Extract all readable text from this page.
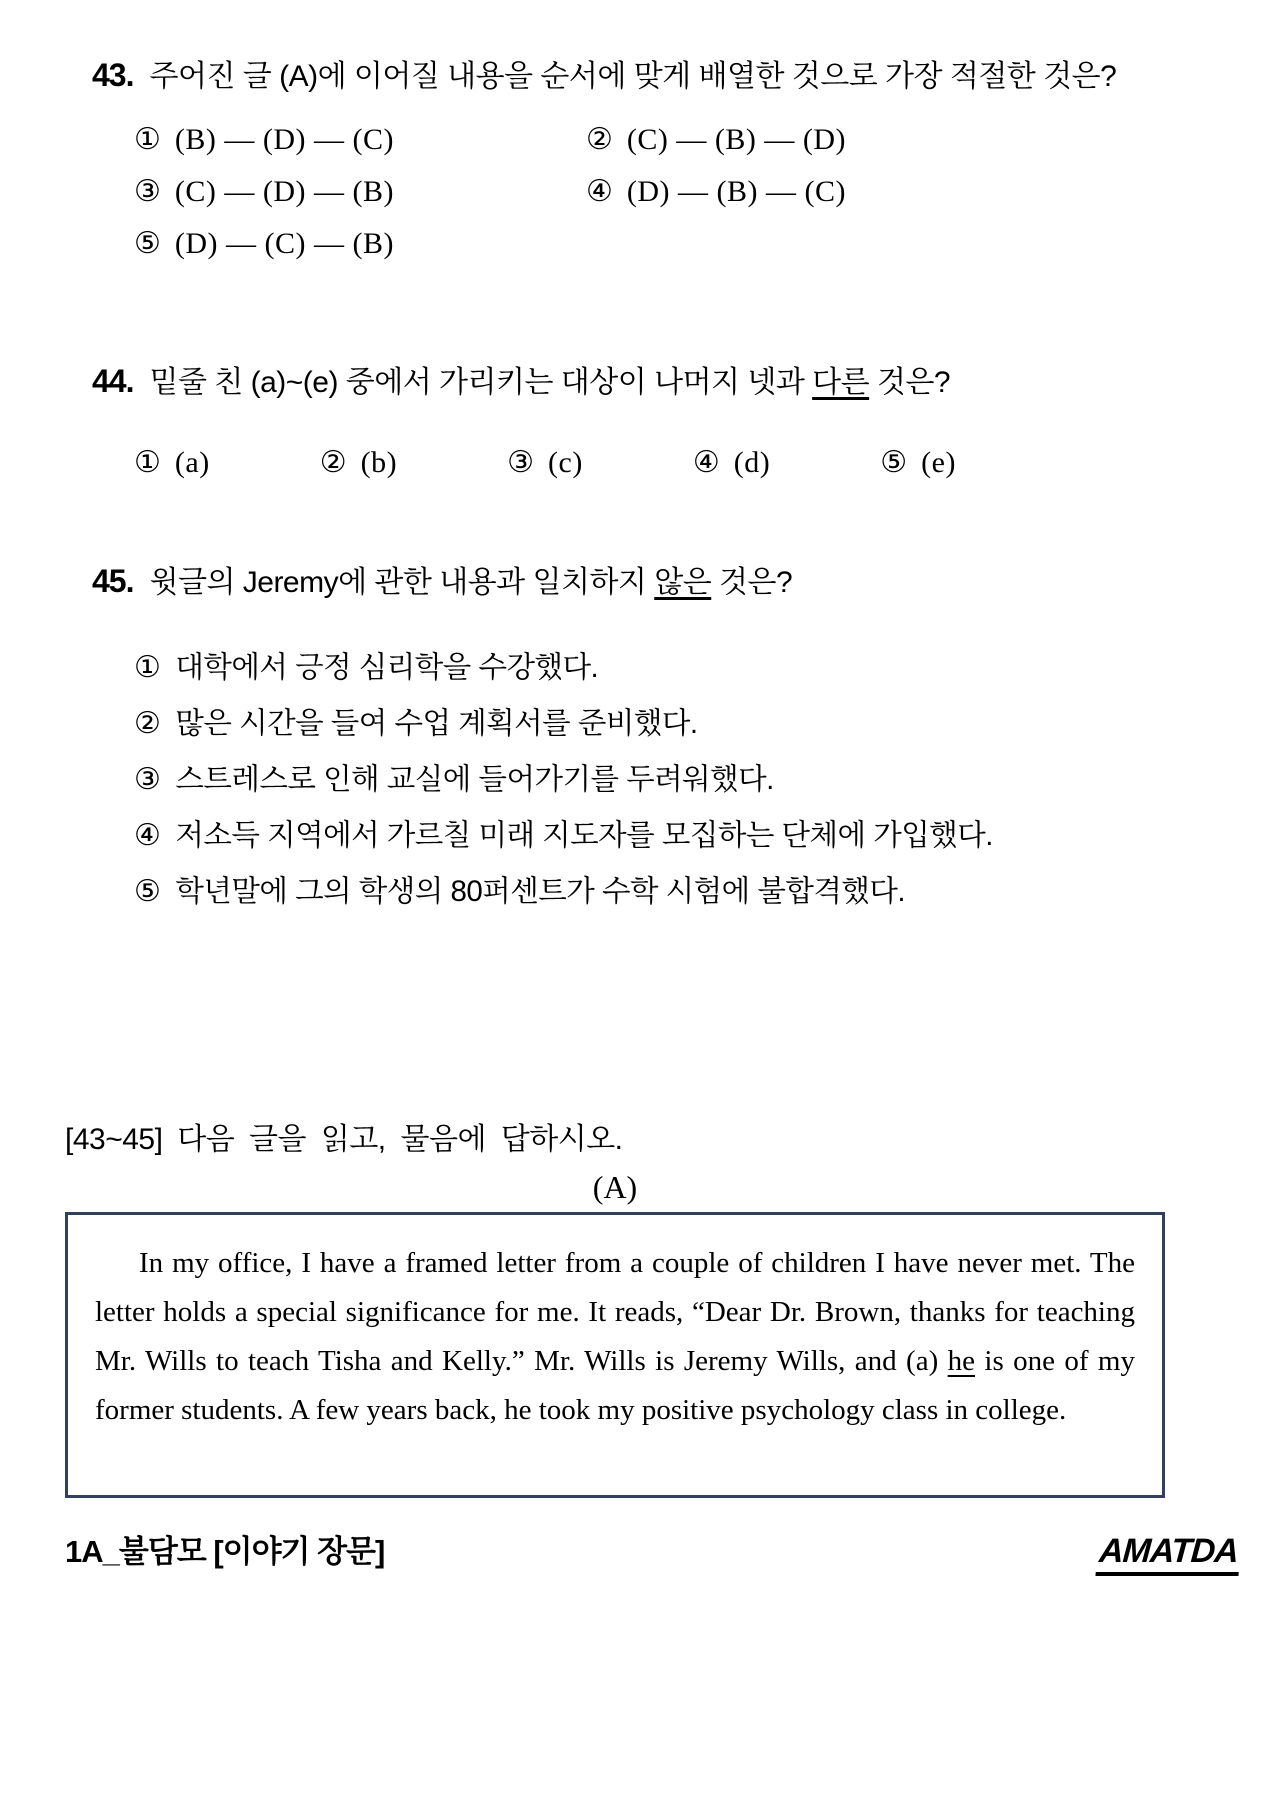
43. 주어진 글 (A)에 이어질 내용을 순서에 맞게 배열한 것으로 가장 적절한 것은?

① (B) — (D) — (C)	② (C) — (B) — (D)
③ (C) — (D) — (B)	④ (D) — (B) — (C)
⑤ (D) — (C) — (B)

44. 밑줄 친 (a)~(e) 중에서 가리키는 대상이 나머지 넷과 다른 것은?

① (a)	② (b)	③ (c)	④ (d)	⑤ (e)

45. 윗글의 Jeremy에 관한 내용과 일치하지 않은 것은?

① 대학에서 긍정 심리학을 수강했다.
② 많은 시간을 들여 수업 계획서를 준비했다.
③ 스트레스로 인해 교실에 들어가기를 두려워했다.
④ 저소득 지역에서 가르칠 미래 지도자를 모집하는 단체에 가입했다.
⑤ 학년말에 그의 학생의 80퍼센트가 수학 시험에 불합격했다.

[43~45] 다음 글을 읽고, 물음에 답하시오.

(A)

In my office, I have a framed letter from a couple of children I have never met. The letter holds a special significance for me. It reads, “Dear Dr. Brown, thanks for teaching Mr. Wills to teach Tisha and Kelly.” Mr. Wills is Jeremy Wills, and (a) he is one of my former students. A few years back, he took my positive psychology class in college.

1A_불담모 [이야기 장문]	AMATDA
